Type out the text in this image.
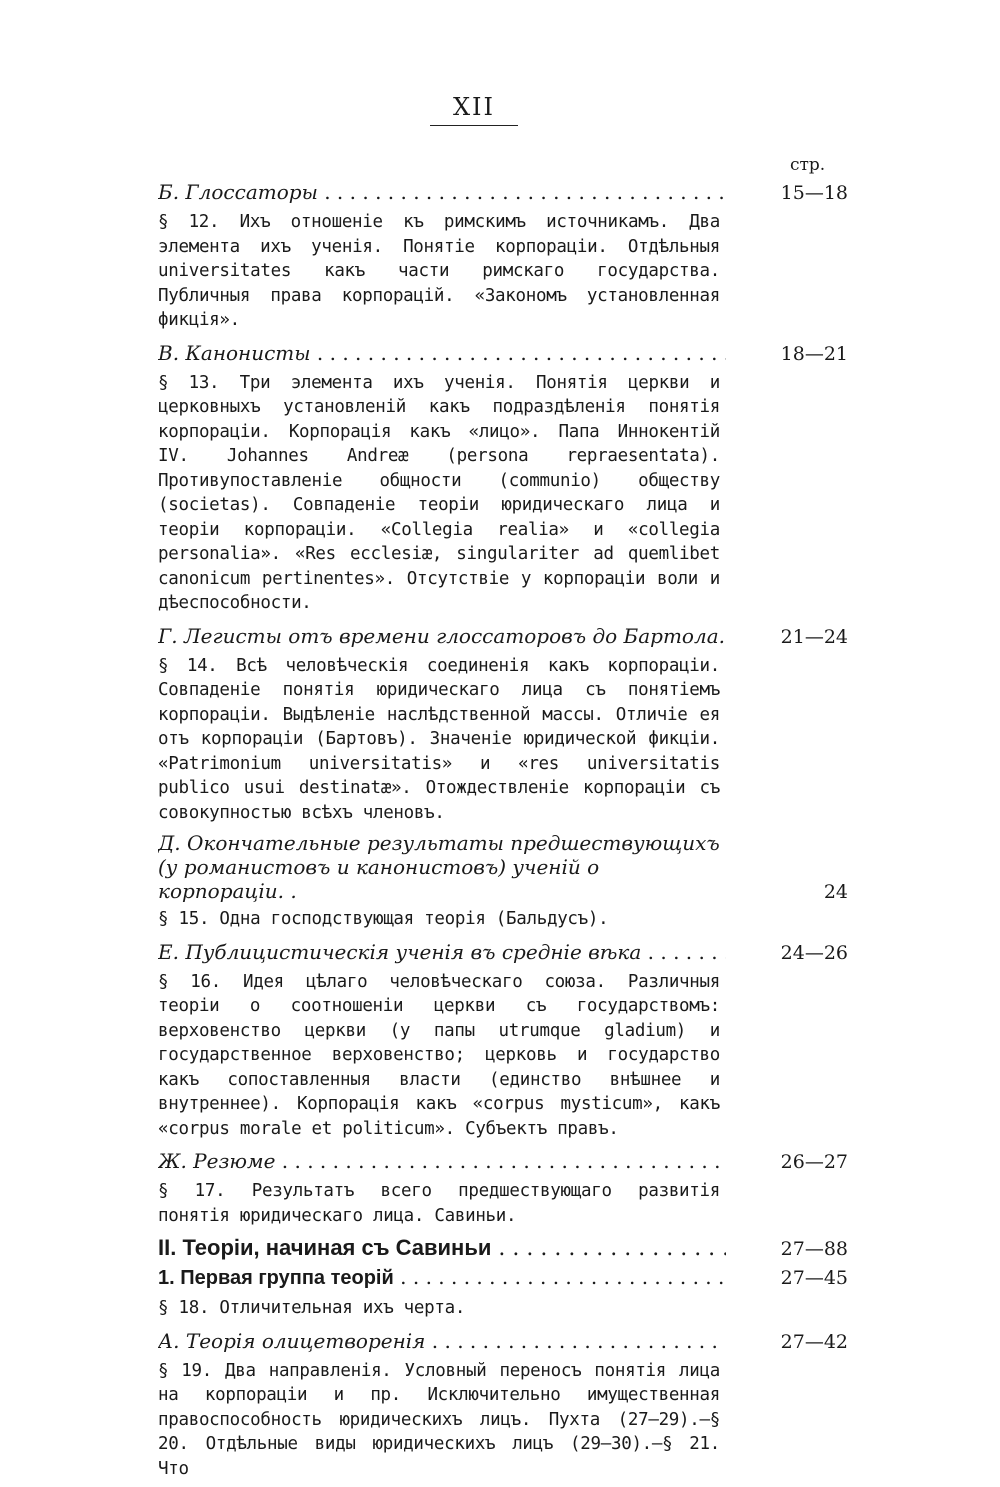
XII
стр.
Б. Глоссаторы . . .	15—18

§ 12. Ихъ отношеніе къ римскимъ источникамъ. Два элемента ихъ ученія. Понятіе корпораціи. Отдѣльныя universitates какъ части римскаго государства. Публичныя права корпорацій. «Закономъ установленная фикція».

В. Канонисты . . .	18—21

§ 13. Три элемента ихъ ученія. Понятія церкви и церковныхъ установленій какъ подраздѣленія понятія корпораціи. Корпорація какъ «лицо». Папа Иннокентій IV. Johannes Andreæ (persona repraesentata). Противупоставленіе общности (communio) обществу (societas). Совпаденіе теоріи юридическаго лица и теоріи корпораціи. «Collegia realia» и «collegia personalia». «Res ecclesiæ, singulariter ad quemlibet canonicum pertinentes». Отсутствіе у корпораціи воли и дѣеспособности.

Г. Легисты отъ времени глоссаторовъ до Бартола.	21—24

§ 14. Всѣ человѣческія соединенія какъ корпораціи. Совпаденіе понятія юридическаго лица съ понятіемъ корпораціи. Выдѣленіе наслѣдственной массы. Отличіе ея отъ корпораціи (Бартовъ). Значеніе юридической фикціи. «Patrimonium universitatis» и «res universitatis publico usui destinatæ». Отождествленіе корпораціи съ совокупностью всѣхъ членовъ.

Д. Окончательные результаты предшествующихъ
(у романистовъ и канонистовъ) ученій о корпораціи. .	24

§ 15. Одна господствующая теорія (Бальдусъ).

Е. Публицистическія ученія въ средніе вѣка . . .	24—26

§ 16. Идея цѣлаго человѣческаго союза. Различныя теоріи о соотношеніи церкви съ государствомъ: верховенство церкви (у папы utrumque gladium) и государственное верховенство; церковь и государство какъ сопоставленныя власти (единство внѣшнее и внутреннее). Корпорація какъ «corpus mysticum», какъ «corpus morale et politicum». Субъектъ правъ.

Ж. Резюме . . .	26—27

§ 17. Результатъ всего предшествующаго развитія понятія юридическаго лица. Савиньи.

II. Теоріи, начиная съ Савиньи . . .	27—88
1. Первая группа теорій . . .	27—45

§ 18. Отличительная ихъ черта.

А. Теорія олицетворенія . . .	27—42

§ 19. Два направленія. Условный переносъ понятія лица на корпораціи и пр. Исключительно имущественная правоспособность юридическихъ лицъ. Пухта (27—29).—§ 20. Отдѣльные виды юридическихъ лицъ (29—30).—§ 21. Что
